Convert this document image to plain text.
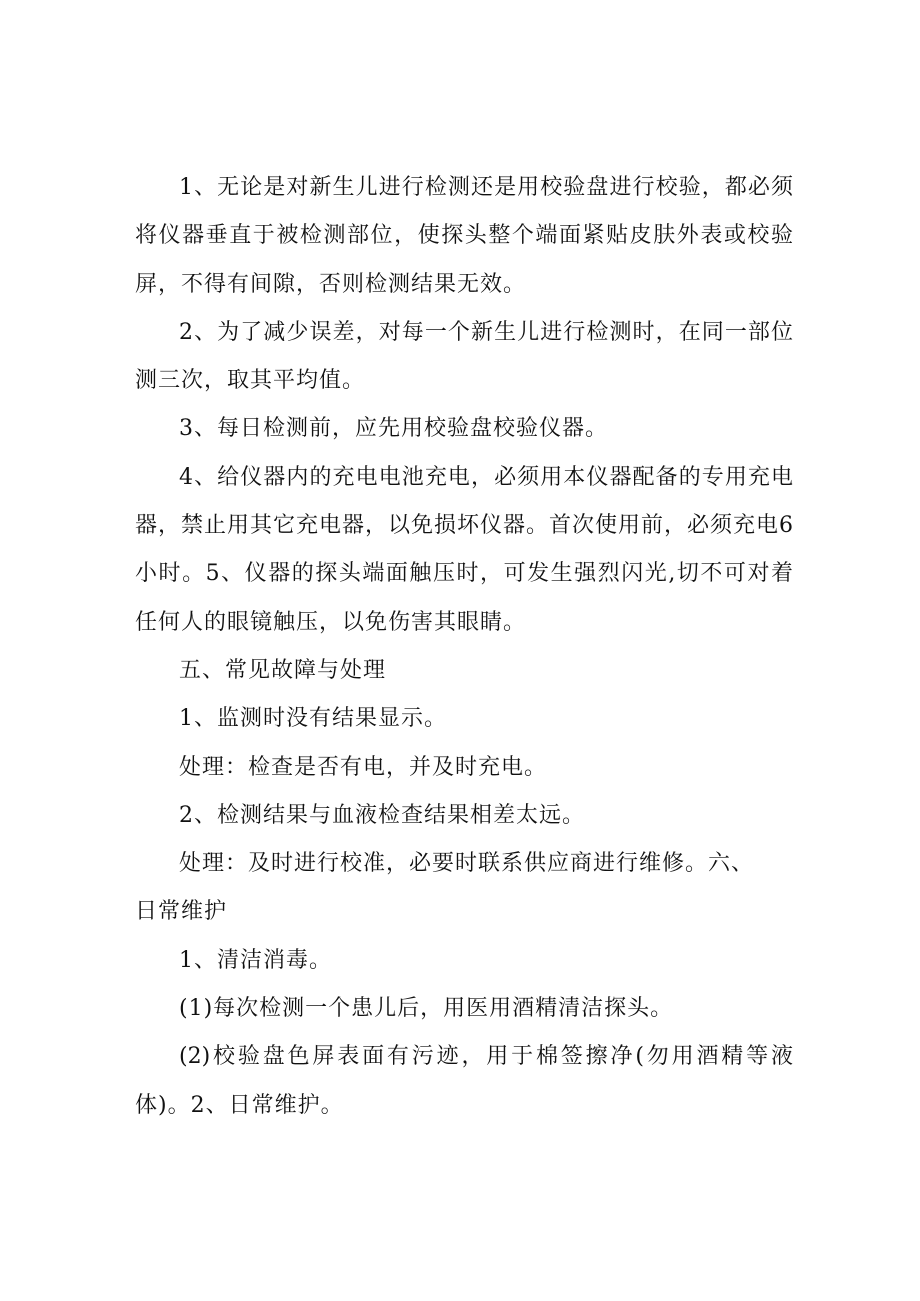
1、无论是对新生儿进行检测还是用校验盘进行校验，都必须
将仪器垂直于被检测部位，使探头整个端面紧贴皮肤外表或校验
屏，不得有间隙，否则检测结果无效。
2、为了减少误差，对每一个新生儿进行检测时，在同一部位
测三次，取其平均值。
3、每日检测前，应先用校验盘校验仪器。
4、给仪器内的充电电池充电，必须用本仪器配备的专用充电
器，禁止用其它充电器，以免损坏仪器。首次使用前，必须充电6
小时。5、仪器的探头端面触压时，可发生强烈闪光,切不可对着
任何人的眼镜触压，以免伤害其眼睛。
五、常见故障与处理
1、监测时没有结果显示。
处理：检查是否有电，并及时充电。
2、检测结果与血液检查结果相差太远。
处理：及时进行校准，必要时联系供应商进行维修。六、
日常维护
1、清洁消毒。
(1)每次检测一个患儿后，用医用酒精清洁探头。
(2)校验盘色屏表面有污迹，用于棉签擦净(勿用酒精等液
体)。2、日常维护。
